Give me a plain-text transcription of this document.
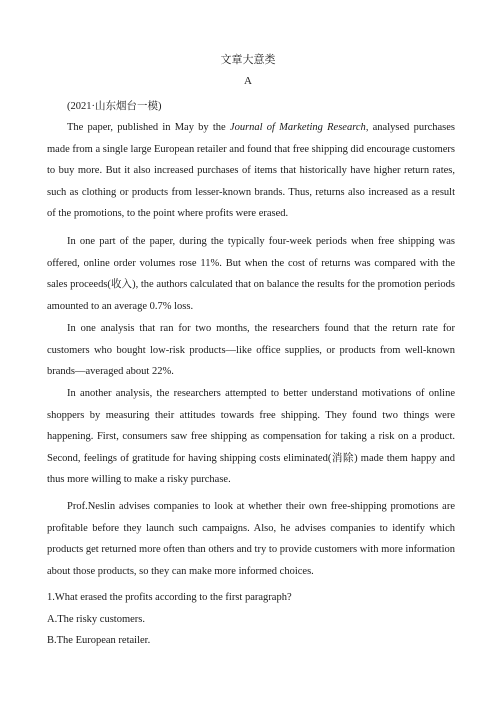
文章大意类
A
(2021·山东烟台一模)

The paper, published in May by the Journal of Marketing Research, analysed purchases made from a single large European retailer and found that free shipping did encourage customers to buy more. But it also increased purchases of items that historically have higher return rates, such as clothing or products from lesser-known brands. Thus, returns also increased as a result of the promotions, to the point where profits were erased.

In one part of the paper, during the typically four-week periods when free shipping was offered, online order volumes rose 11%. But when the cost of returns was compared with the sales proceeds(收入), the authors calculated that on balance the results for the promotion periods amounted to an average 0.7% loss.

In one analysis that ran for two months, the researchers found that the return rate for customers who bought low-risk products—like office supplies, or products from well-known brands—averaged about 22%.

In another analysis, the researchers attempted to better understand motivations of online shoppers by measuring their attitudes towards free shipping. They found two things were happening. First, consumers saw free shipping as compensation for taking a risk on a product. Second, feelings of gratitude for having shipping costs eliminated(消除) made them happy and thus more willing to make a risky purchase.

Prof.Neslin advises companies to look at whether their own free-shipping promotions are profitable before they launch such campaigns. Also, he advises companies to identify which products get returned more often than others and try to provide customers with more information about those products, so they can make more informed choices.

1.What erased the profits according to the first paragraph?
A.The risky customers.
B.The European retailer.
